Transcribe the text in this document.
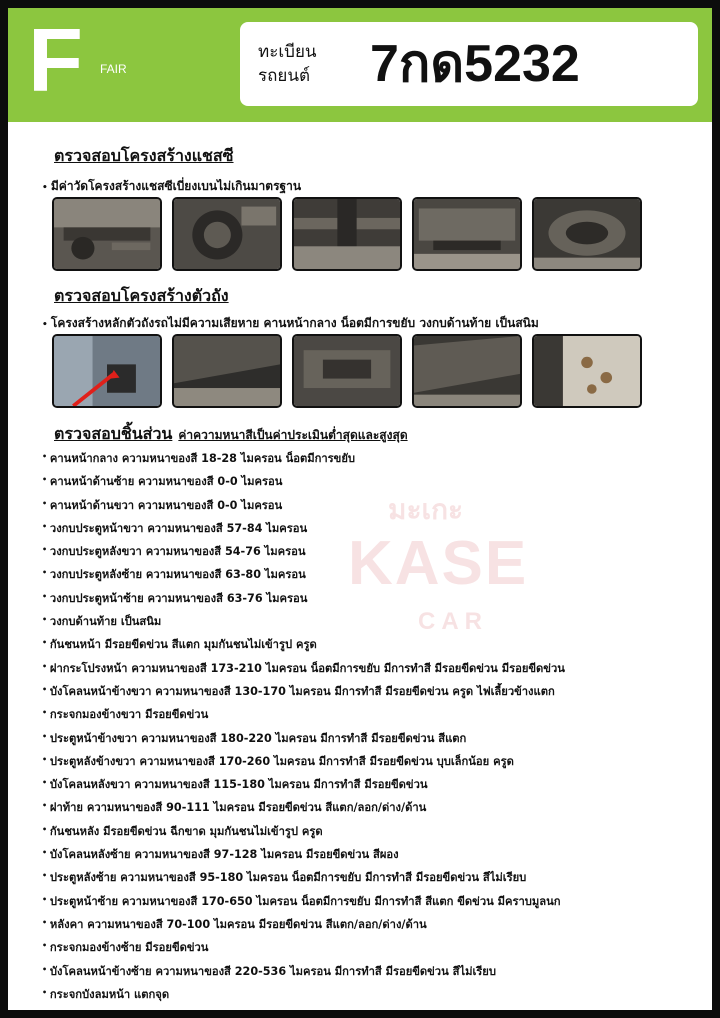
F FAIR
ทะเบียน รถยนต์	7กด5232
ตรวจสอบโครงสร้างแชสซี
• มีค่าวัดโครงสร้างแชสซีเบี่ยงเบนไม่เกินมาตรฐาน
ตรวจสอบโครงสร้างตัวถัง
• โครงสร้างหลักตัวถังรถไม่มีความเสียหาย คานหน้ากลาง น็อตมีการขยับ วงกบด้านท้าย เป็นสนิม
ตรวจสอบชิ้นส่วน ค่าความหนาสีเป็นค่าประเมินต่ำสุดและสูงสุด
KASE
CAR
มะเกะ
• คานหน้ากลาง ความหนาของสี 18-28 ไมครอน น็อตมีการขยับ
• คานหน้าด้านซ้าย ความหนาของสี 0-0 ไมครอน
• คานหน้าด้านขวา ความหนาของสี 0-0 ไมครอน
• วงกบประตูหน้าขวา ความหนาของสี 57-84 ไมครอน
• วงกบประตูหลังขวา ความหนาของสี 54-76 ไมครอน
• วงกบประตูหลังซ้าย ความหนาของสี 63-80 ไมครอน
• วงกบประตูหน้าซ้าย ความหนาของสี 63-76 ไมครอน
• วงกบด้านท้าย เป็นสนิม
• กันชนหน้า มีรอยขีดข่วน สีแตก มุมกันชนไม่เข้ารูป ครูด
• ฝากระโปรงหน้า ความหนาของสี 173-210 ไมครอน น็อตมีการขยับ มีการทำสี มีรอยขีดข่วน มีรอยขีดข่วน
• บังโคลนหน้าข้างขวา ความหนาของสี 130-170 ไมครอน มีการทำสี มีรอยขีดข่วน ครูด ไฟเลี้ยวข้างแตก
• กระจกมองข้างขวา มีรอยขีดข่วน
• ประตูหน้าข้างขวา ความหนาของสี 180-220 ไมครอน มีการทำสี มีรอยขีดข่วน สีแตก
• ประตูหลังข้างขวา ความหนาของสี 170-260 ไมครอน มีการทำสี มีรอยขีดข่วน บุบเล็กน้อย ครูด
• บังโคลนหลังขวา ความหนาของสี 115-180 ไมครอน มีการทำสี มีรอยขีดข่วน
• ฝาท้าย ความหนาของสี 90-111 ไมครอน มีรอยขีดข่วน สีแตก/ลอก/ด่าง/ด้าน
• กันชนหลัง มีรอยขีดข่วน ฉีกขาด มุมกันชนไม่เข้ารูป ครูด
• บังโคลนหลังซ้าย ความหนาของสี 97-128 ไมครอน มีรอยขีดข่วน สีผอง
• ประตูหลังซ้าย ความหนาของสี 95-180 ไมครอน น็อตมีการขยับ มีการทำสี มีรอยขีดข่วน สีไม่เรียบ
• ประตูหน้าซ้าย ความหนาของสี 170-650 ไมครอน น็อตมีการขยับ มีการทำสี สีแตก ขีดข่วน มีคราบมูลนก
• หลังคา ความหนาของสี 70-100 ไมครอน มีรอยขีดข่วน สีแตก/ลอก/ด่าง/ด้าน
• กระจกมองข้างซ้าย มีรอยขีดข่วน
• บังโคลนหน้าข้างซ้าย ความหนาของสี 220-536 ไมครอน มีการทำสี มีรอยขีดข่วน สีไม่เรียบ
• กระจกบังลมหน้า แตกจุด
